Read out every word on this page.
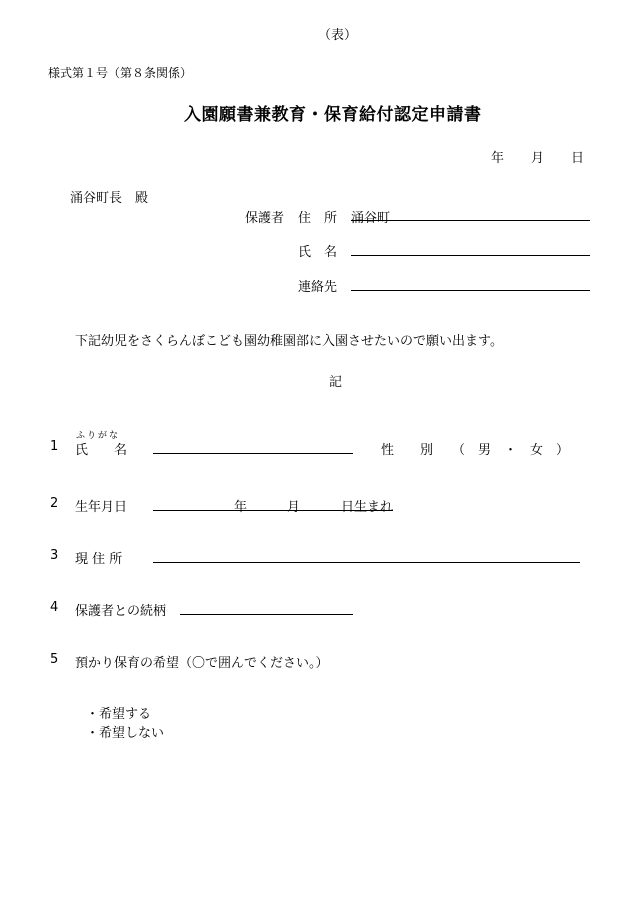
（表）
様式第１号（第８条関係）
入園願書兼教育・保育給付認定申請書
年 月 日
涌谷町長　殿
保護者 住　所 涌谷町
氏　名
連絡先
下記幼児をさくらんぼこども園幼稚園部に入園させたいので願い出ます。
記
1
ふりがな
氏　　名	性　　別 （　男　・　女　）
2 生年月日	年	月	日生まれ
3 現 住 所
4 保護者との続柄
5 預かり保育の希望（〇で囲んでください。）
・希望する
・希望しない
